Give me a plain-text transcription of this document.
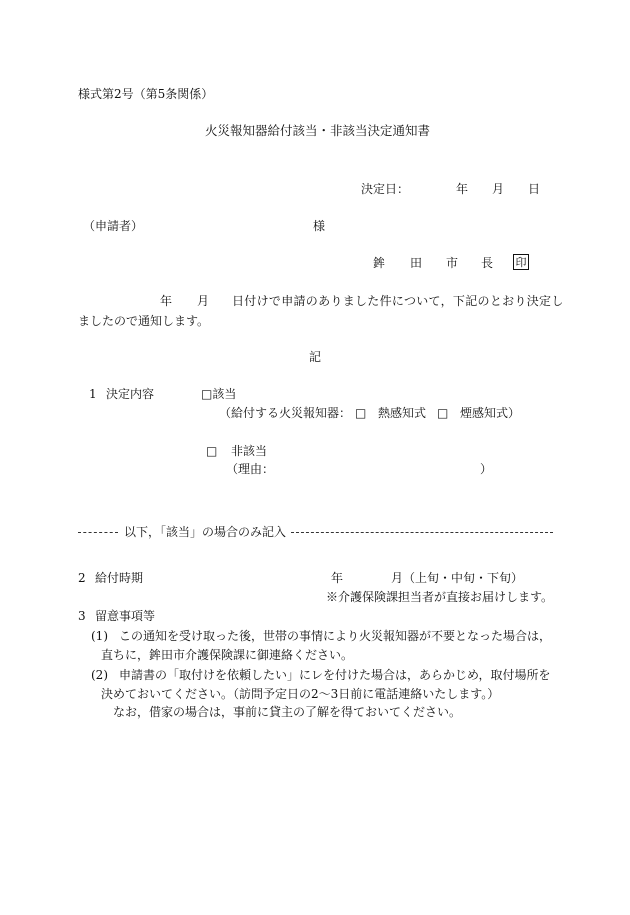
様式第2号（第5条関係）
火災報知器給付該当・非該当決定通知書
決定日：	年 月 日
（申請者）	様
鉾 田 市 長 印
年 月 日付けで申請のありました件について，下記のとおり決定し
ましたので通知します。
記
1 決定内容	□該当
（給付する火災報知器： □ 熱感知式 □ 煙感知式）
□ 非該当
（理由：	）
以下，「該当」の場合のみ記入
2 給付時期	年	月（上旬・中旬・下旬）
※介護保険課担当者が直接お届けします。
3 留意事項等
(1) この通知を受け取った後，世帯の事情により火災報知器が不要となった場合は，
直ちに，鉾田市介護保険課に御連絡ください。
(2) 申請書の「取付けを依頼したい」にレを付けた場合は，あらかじめ，取付場所を
決めておいてください。（訪問予定日の2〜3日前に電話連絡いたします。）
なお，借家の場合は，事前に貸主の了解を得ておいてください。
